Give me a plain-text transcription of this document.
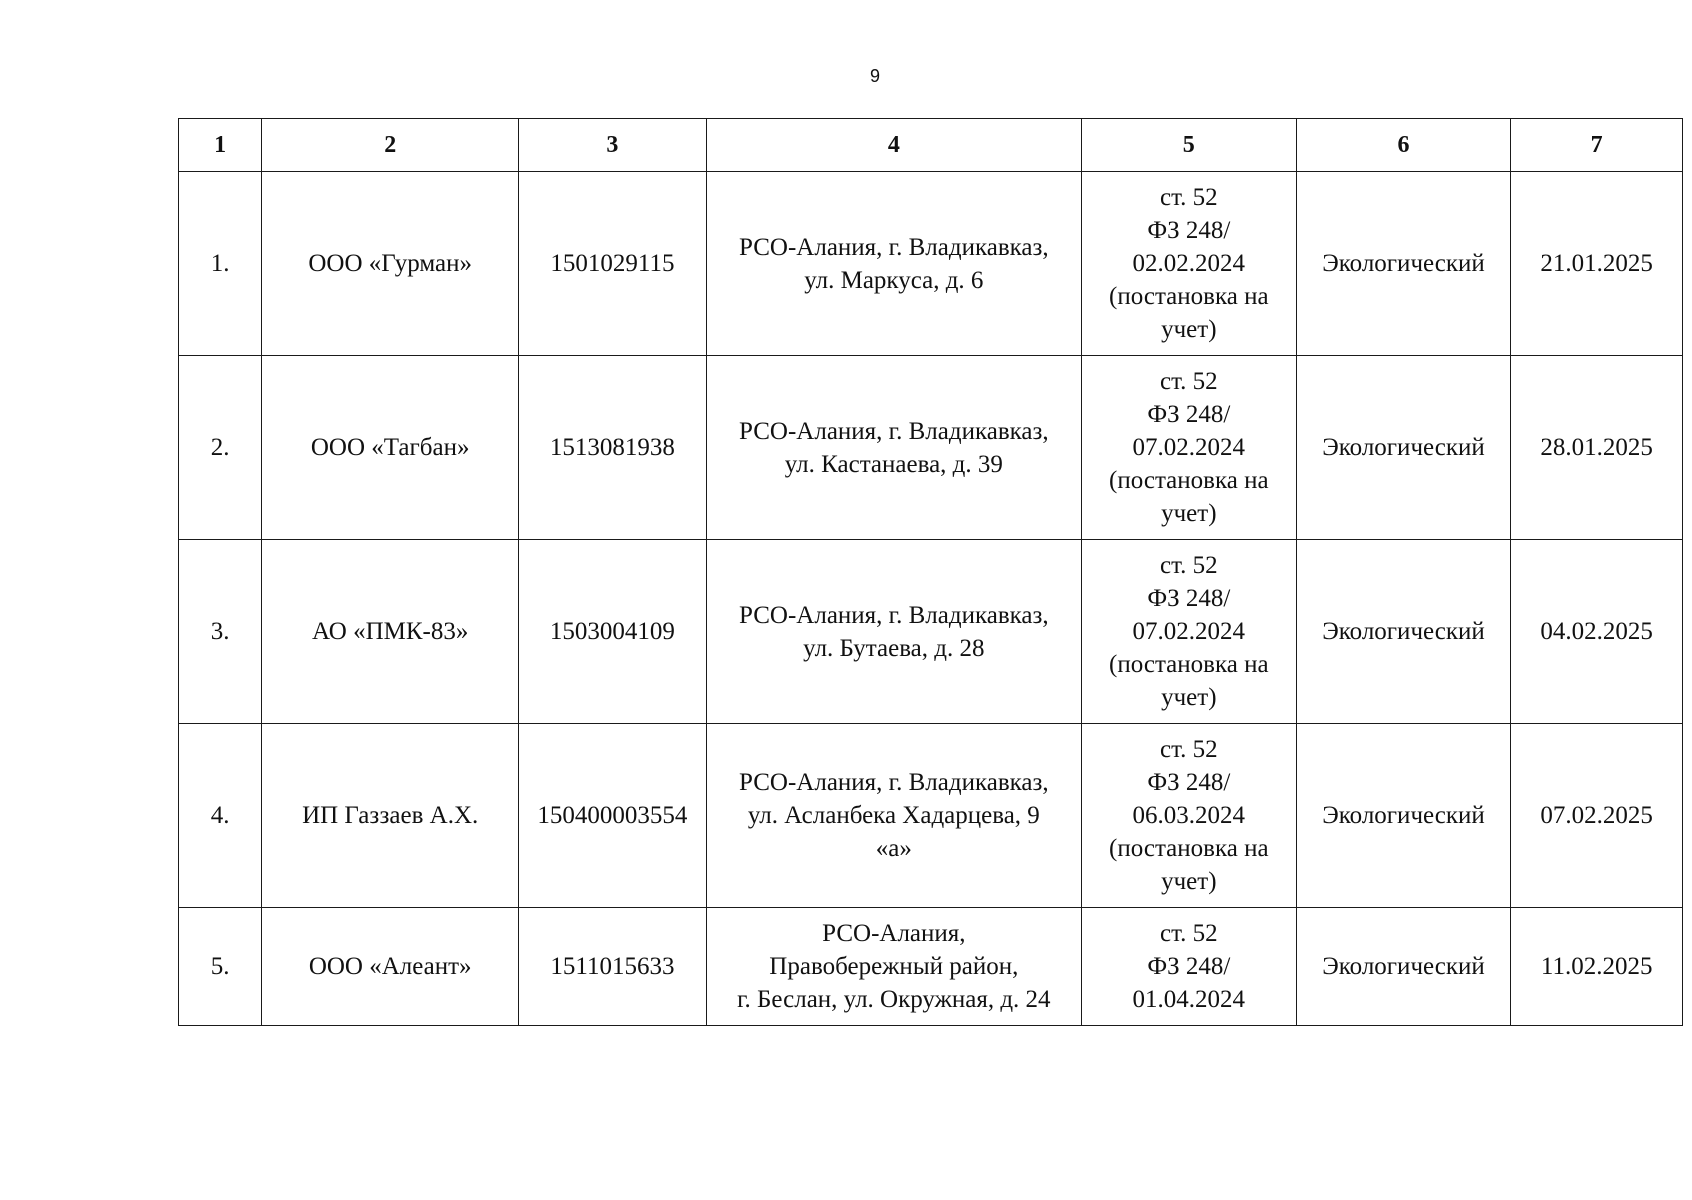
9
1	2	3	4	5	6	7
1.	ООО «Гурман»	1501029115	РСО-Алания, г. Владикавказ,
ул. Маркуса, д. 6	ст. 52
ФЗ 248/
02.02.2024
(постановка на
учет)	Экологический	21.01.2025
2.	ООО «Тагбан»	1513081938	РСО-Алания, г. Владикавказ,
ул. Кастанаева, д. 39	ст. 52
ФЗ 248/
07.02.2024
(постановка на
учет)	Экологический	28.01.2025
3.	АО «ПМК-83»	1503004109	РСО-Алания, г. Владикавказ,
ул. Бутаева, д. 28	ст. 52
ФЗ 248/
07.02.2024
(постановка на
учет)	Экологический	04.02.2025
4.	ИП Газзаев А.Х.	150400003554	РСО-Алания, г. Владикавказ,
ул. Асланбека Хадарцева, 9
«а»	ст. 52
ФЗ 248/
06.03.2024
(постановка на
учет)	Экологический	07.02.2025
5.	ООО «Алеант»	1511015633	РСО-Алания,
Правобережный район,
г. Беслан, ул. Окружная, д. 24	ст. 52
ФЗ 248/
01.04.2024	Экологический	11.02.2025
